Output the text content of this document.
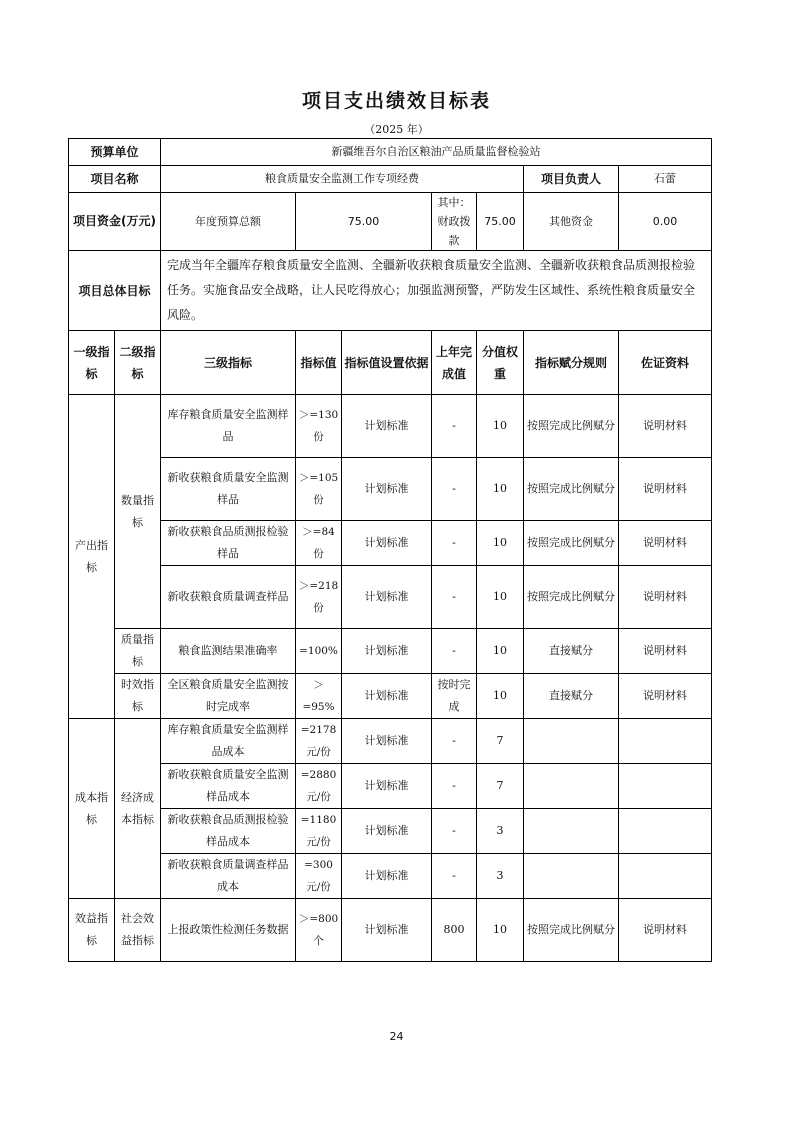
项目支出绩效目标表
（2025 年）
预算单位		新疆维吾尔自治区粮油产品质量监督检验站						
项目名称		粮食质量安全监测工作专项经费					项目负责人	石蕾
项目资金(万元)		年度预算总额	75.00		其中：财政拨款	75.00	其他资金	0.00
项目总体目标		完成当年全疆库存粮食质量安全监测、全疆新收获粮食质量安全监测、全疆新收获粮食品质测报检验任务。实施食品安全战略，让人民吃得放心；加强监测预警，严防发生区域性、系统性粮食质量安全风险。						
一级指标	二级指标	三级指标	指标值	指标值设置依据	上年完成值	分值权重	指标赋分规则	佐证资料
产出指标	数量指标	库存粮食质量安全监测样品	＞=130份	计划标准	-	10	按照完成比例赋分	说明材料
		新收获粮食质量安全监测样品	＞=105份	计划标准	-	10	按照完成比例赋分	说明材料
		新收获粮食品质测报检验样品	＞=84份	计划标准	-	10	按照完成比例赋分	说明材料
		新收获粮食质量调查样品	＞=218份	计划标准	-	10	按照完成比例赋分	说明材料
	质量指标	粮食监测结果准确率	=100%	计划标准	-	10	直接赋分	说明材料
	时效指标	全区粮食质量安全监测按时完成率	＞=95%	计划标准	按时完成	10	直接赋分	说明材料
成本指标	经济成本指标	库存粮食质量安全监测样品成本	=2178元/份	计划标准	-	7		
		新收获粮食质量安全监测样品成本	=2880元/份	计划标准	-	7		
		新收获粮食品质测报检验样品成本	=1180元/份	计划标准	-	3		
		新收获粮食质量调查样品成本	=300元/份	计划标准	-	3		
效益指标	社会效益指标	上报政策性检测任务数据	＞=800个	计划标准	800	10	按照完成比例赋分	说明材料
24
